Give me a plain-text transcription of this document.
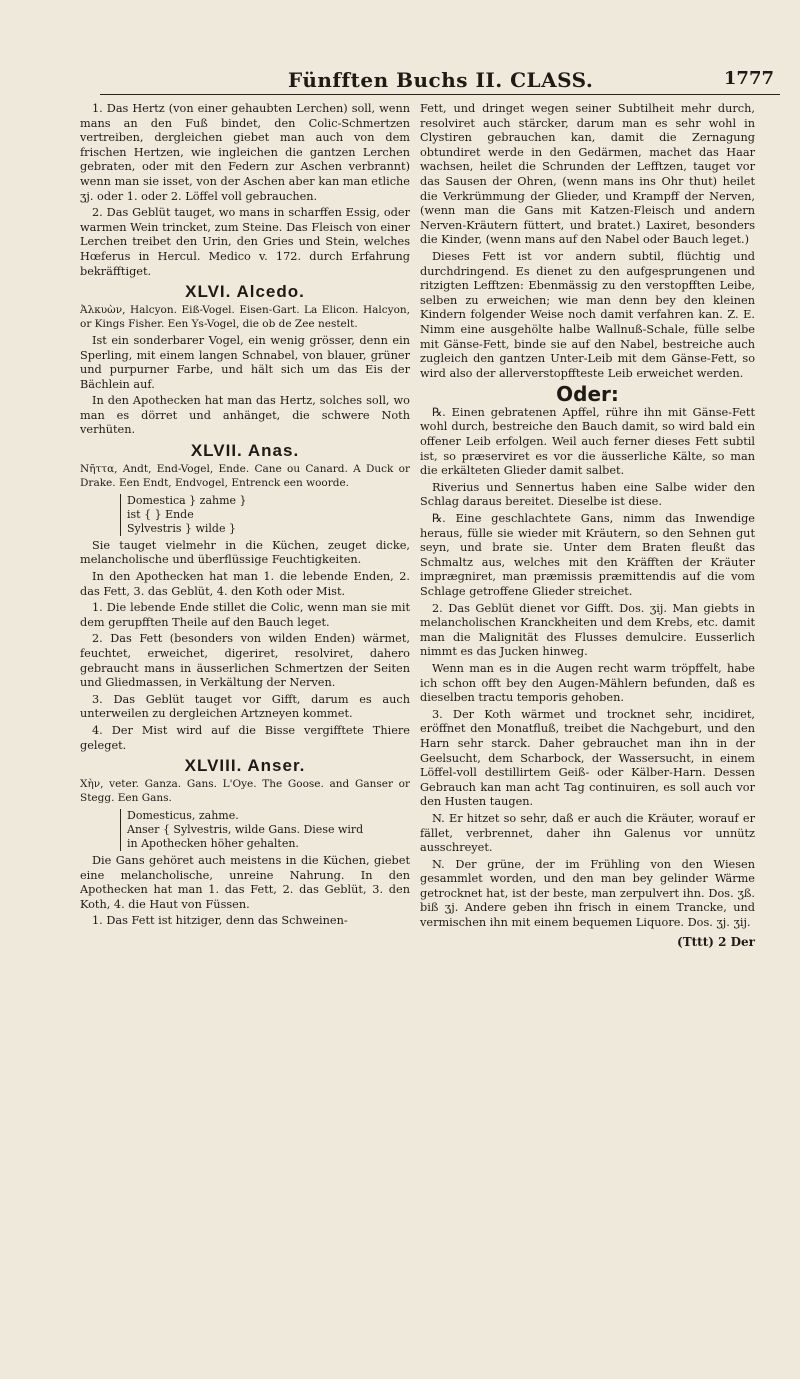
Fünfften Buchs II. CLASS.	1777

1. Das Hertz (von einer gehaubten Lerchen) soll, wenn mans an den Fuß bindet, den Colic-Schmertzen vertreiben, dergleichen giebet man auch von dem frischen Hertzen, wie ingleichen die gantzen Lerchen gebraten, oder mit den Federn zur Aschen verbrannt) wenn man sie isset, von der Aschen aber kan man etliche ʒj. oder 1. oder 2. Löffel voll gebrauchen.

2. Das Geblüt tauget, wo mans in scharffen Essig, oder warmen Wein trincket, zum Steine. Das Fleisch von einer Lerchen treibet den Urin, den Gries und Stein, welches Hœferus in Hercul. Medico v. 172. durch Erfahrung bekräfftiget.

XLVI. Alcedo.

Ἀλκυὼν, Halcyon. Eiß-Vogel. Eisen-Gart. La Elicon. Halcyon, or Kings Fisher. Een Ys-Vogel, die ob de Zee nestelt.

Ist ein sonderbarer Vogel, ein wenig grösser, denn ein Sperling, mit einem langen Schnabel, von blauer, grüner und purpurner Farbe, und hält sich um das Eis der Bächlein auf.

In den Apothecken hat man das Hertz, solches soll, wo man es dörret und anhänget, die schwere Noth verhüten.

XLVII. Anas.

Νῆττα, Andt, End-Vogel, Ende. Cane ou Canard. A Duck or Drake. Een Endt, Endvogel, Entrenck een woorde.

Domestica } zahme }
ist { } Ende
Sylvestris } wilde }

Sie tauget vielmehr in die Küchen, zeuget dicke, melancholische und überflüssige Feuchtigkeiten.

In den Apothecken hat man 1. die lebende Enden, 2. das Fett, 3. das Geblüt, 4. den Koth oder Mist.

1. Die lebende Ende stillet die Colic, wenn man sie mit dem gerupfften Theile auf den Bauch leget.

2. Das Fett (besonders von wilden Enden) wärmet, feuchtet, erweichet, digeriret, resolviret, dahero gebraucht mans in äusserlichen Schmertzen der Seiten und Gliedmassen, in Verkältung der Nerven.

3. Das Geblüt tauget vor Gifft, darum es auch unterweilen zu dergleichen Artzneyen kommet.

4. Der Mist wird auf die Bisse vergifftete Thiere geleget.

XLVIII. Anser.

Χὴν, veter. Ganza. Gans. L'Oye. The Goose. and Ganser or Stegg. Een Gans.

Domesticus, zahme.
Anser { Sylvestris, wilde Gans. Diese wird
in Apothecken höher gehalten.

Die Gans gehöret auch meistens in die Küchen, giebet eine melancholische, unreine Nahrung. In den Apothecken hat man 1. das Fett, 2. das Geblüt, 3. den Koth, 4. die Haut von Füssen.

1. Das Fett ist hitziger, denn das Schweinen-

Fett, und dringet wegen seiner Subtilheit mehr durch, resolviret auch stärcker, darum man es sehr wohl in Clystiren gebrauchen kan, damit die Zernagung obtundiret werde in den Gedärmen, machet das Haar wachsen, heilet die Schrunden der Lefftzen, tauget vor das Sausen der Ohren, (wenn mans ins Ohr thut) heilet die Verkrümmung der Glieder, und Krampff der Nerven, (wenn man die Gans mit Katzen-Fleisch und andern Nerven-Kräutern füttert, und bratet.) Laxiret, besonders die Kinder, (wenn mans auf den Nabel oder Bauch leget.)

Dieses Fett ist vor andern subtil, flüchtig und durchdringend. Es dienet zu den aufgesprungenen und ritzigten Lefftzen: Ebenmässig zu den verstopfften Leibe, selben zu erweichen; wie man denn bey den kleinen Kindern folgender Weise noch damit verfahren kan. Z. E. Nimm eine ausgehölte halbe Wallnuß-Schale, fülle selbe mit Gänse-Fett, binde sie auf den Nabel, bestreiche auch zugleich den gantzen Unter-Leib mit dem Gänse-Fett, so wird also der allerverstopffteste Leib erweichet werden.

Oder:

℞. Einen gebratenen Apffel, rühre ihn mit Gänse-Fett wohl durch, bestreiche den Bauch damit, so wird bald ein offener Leib erfolgen. Weil auch ferner dieses Fett subtil ist, so præserviret es vor die äusserliche Kälte, so man die erkälteten Glieder damit salbet.

Riverius und Sennertus haben eine Salbe wider den Schlag daraus bereitet. Dieselbe ist diese.

℞. Eine geschlachtete Gans, nimm das Inwendige heraus, fülle sie wieder mit Kräutern, so den Sehnen gut seyn, und brate sie. Unter dem Braten fleußt das Schmaltz aus, welches mit den Kräfften der Kräuter imprægniret, man præmissis præmittendis auf die vom Schlage getroffene Glieder streichet.

2. Das Geblüt dienet vor Gifft. Dos. ʒij. Man giebts in melancholischen Kranckheiten und dem Krebs, etc. damit man die Malignität des Flusses demulcire. Eusserlich nimmt es das Jucken hinweg.

Wenn man es in die Augen recht warm tröpffelt, habe ich schon offt bey den Augen-Mählern befunden, daß es dieselben tractu temporis gehoben.

3. Der Koth wärmet und trocknet sehr, incidiret, eröffnet den Monatfluß, treibet die Nachgeburt, und den Harn sehr starck. Daher gebrauchet man ihn in der Geelsucht, dem Scharbock, der Wassersucht, in einem Löffel-voll destillirtem Geiß- oder Kälber-Harn. Dessen Gebrauch kan man acht Tag continuiren, es soll auch vor den Husten taugen.

N. Er hitzet so sehr, daß er auch die Kräuter, worauf er fället, verbrennet, daher ihn Galenus vor unnütz ausschreyet.

N. Der grüne, der im Frühling von den Wiesen gesammlet worden, und den man bey gelinder Wärme getrocknet hat, ist der beste, man zerpulvert ihn. Dos. ʒß. biß ʒj. Andere geben ihn frisch in einem Trancke, und vermischen ihn mit einem bequemen Liquore. Dos. ʒj. ʒij.

(Tttt) 2 Der
